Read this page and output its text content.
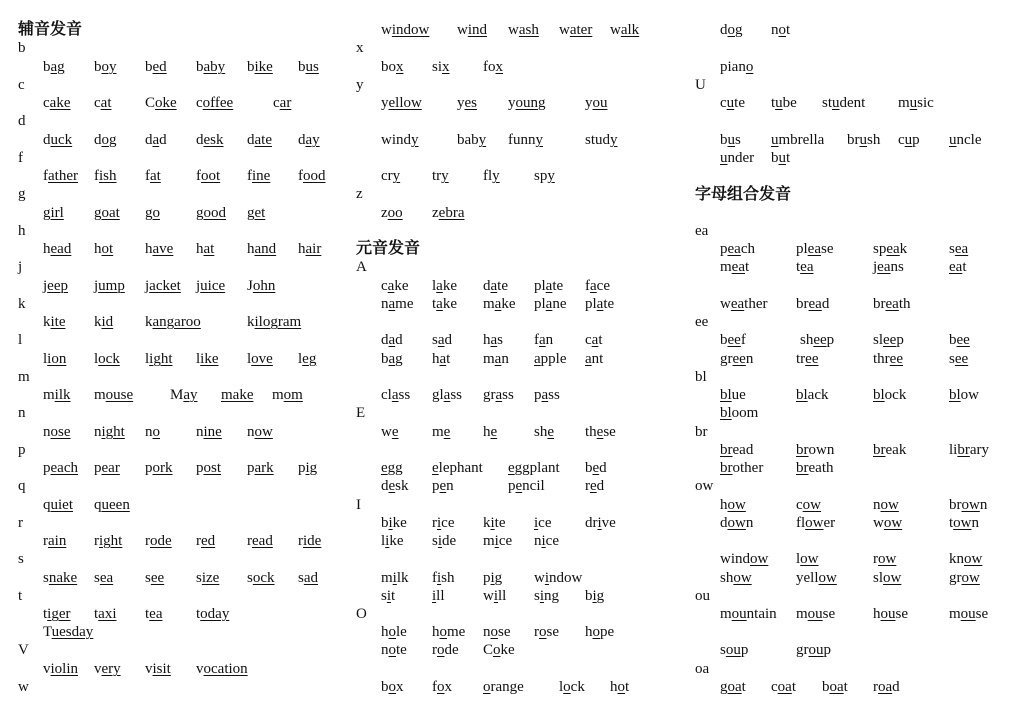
辅音发音
b
bag boy bed baby bike bus
c
cake cat Coke coffee	car
d
duck dog dad desk date day
f
father fish fat foot fine food
g
girl goat go good get
h
head hot have hat hand hair
j
jeep jump jacket juice John
k
kite kid kangaroo	kilogram
l
lion lock light like love leg
m
milk mouse May make mom
n
nose night no nine now
p
peach pear pork post park pig
q
quiet queen
r
rain right rode red read ride
s
snake sea see size sock sad
t
tiger taxi tea today
Tuesday
V
violin very visit vocation
w
window wind wash water walk
x
box six fox
y
yellow yes young	you
windy	baby funny	study
cry try fly spy
z
zoo zebra
元音发音
A
cake lake date plate face
name take make plane plate
dad sad has fan cat
bag hat man apple ant
class glass grass pass
E
we me he she these
egg elephant eggplant bed
desk pen	pencil	red
I
bike rice kite ice drive
like side mice nice
milk fish pig window
sit ill	will sing big
O
hole home nose rose hope
note rode Coke
box fox orange lock hot
dog not
piano
U
cute tube student music
bus umbrella brush cup uncle
under but
字母组合发音
ea
peach	please	speak	sea
meat	tea	jeans	eat
weather bread	breath
ee
beef	sheep	sleep	bee
green	tree	three	see
bl
blue	black	block	blow
bloom
br
bread	brown	break	library
brother breath
ow
how	cow	now	brown
down	flower	wow	town
window low	row	know
show	yellow slow	grow
ou
mountain mouse	house	mouse
soup	group
oa
goat coat boat road
